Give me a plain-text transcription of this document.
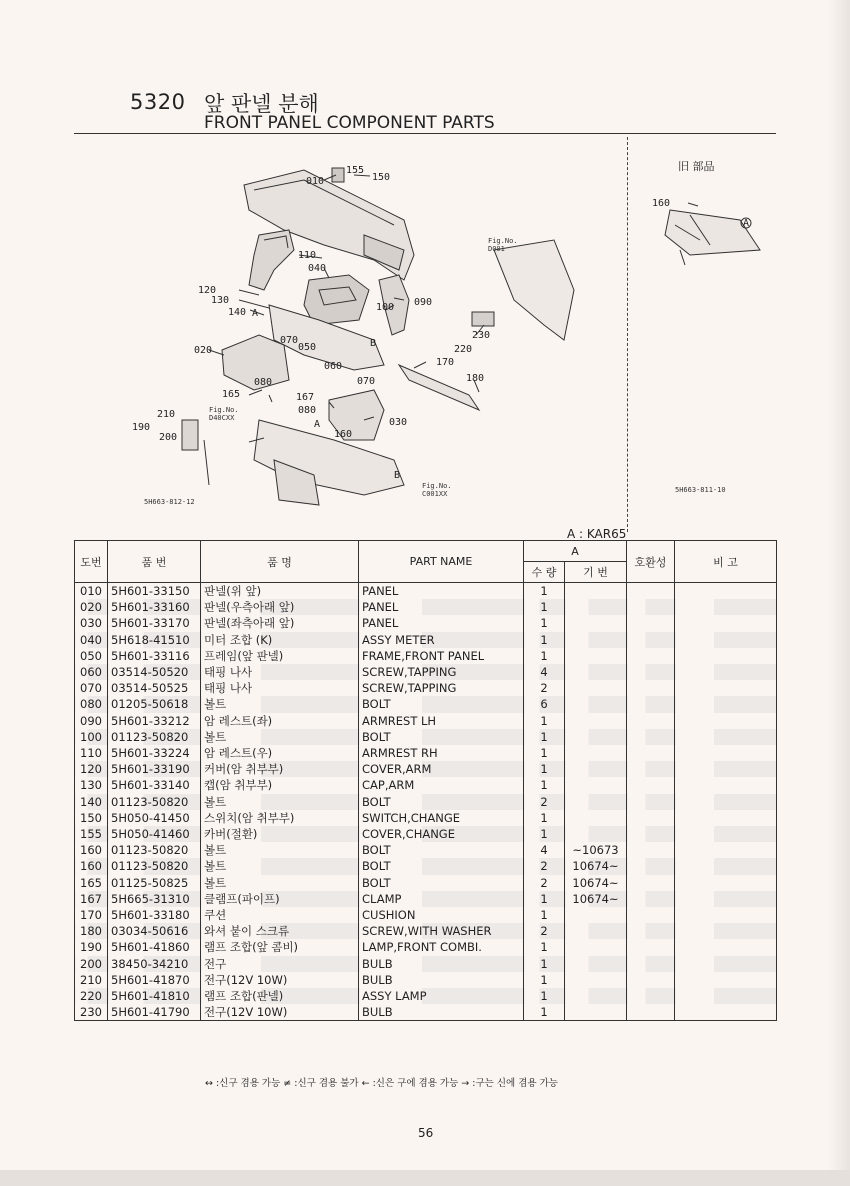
5320 앞 판넬 분해
FRONT PANEL COMPONENT PARTS
010
155
150
110
040
120
130
140 A
090
100
070
050	B
020
060
070
080
165	167
080
A
160
030
170
180
230
220
210
190
200
B
Fig.No.
D001
Fig.No.
D40CXX
Fig.No.
C001XX
5H663-812-12
旧 部品
160
A
5H663-811-10
A : KAR65
도번	품 번	품 명	PART NAME	A		호환성	비 고
				수 량	기 번		
010	5H601-33150	판넬(위 앞)	PANEL	1			
020	5H601-33160	판넬(우측아래 앞)	PANEL	1			
030	5H601-33170	판넬(좌측아래 앞)	PANEL	1			
040	5H618-41510	미터 조합 (K)	ASSY METER	1			
050	5H601-33116	프레임(앞 판넬)	FRAME,FRONT PANEL	1			
060	03514-50520	태핑 나사	SCREW,TAPPING	4			
070	03514-50525	태핑 나사	SCREW,TAPPING	2			
080	01205-50618	볼트	BOLT	6			
090	5H601-33212	암 레스트(좌)	ARMREST LH	1			
100	01123-50820	볼트	BOLT	1			
110	5H601-33224	암 레스트(우)	ARMREST RH	1			
120	5H601-33190	커버(암 취부부)	COVER,ARM	1			
130	5H601-33140	캡(암 취부부)	CAP,ARM	1			
140	01123-50820	볼트	BOLT	2			
150	5H050-41450	스위치(암 취부부)	SWITCH,CHANGE	1			
155	5H050-41460	카버(절환)	COVER,CHANGE	1			
160	01123-50820	볼트	BOLT	4	~10673		
160	01123-50820	볼트	BOLT	2	10674~		
165	01125-50825	볼트	BOLT	2	10674~		
167	5H665-31310	클램프(파이프)	CLAMP	1	10674~		
170	5H601-33180	쿠션	CUSHION	1			
180	03034-50616	와셔 붙이 스크류	SCREW,WITH WASHER	2			
190	5H601-41860	램프 조합(앞 콤비)	LAMP,FRONT COMBI.	1			
200	38450-34210	전구	BULB	1			
210	5H601-41870	전구(12V 10W)	BULB	1			
220	5H601-41810	램프 조합(판넬)	ASSY LAMP	1			
230	5H601-41790	전구(12V 10W)	BULB	1			
↔ :신구 겸용 가능 ≠ :신구 겸용 불가 ← :신은 구에 겸용 가능 → :구는 신에 겸용 가능
56
